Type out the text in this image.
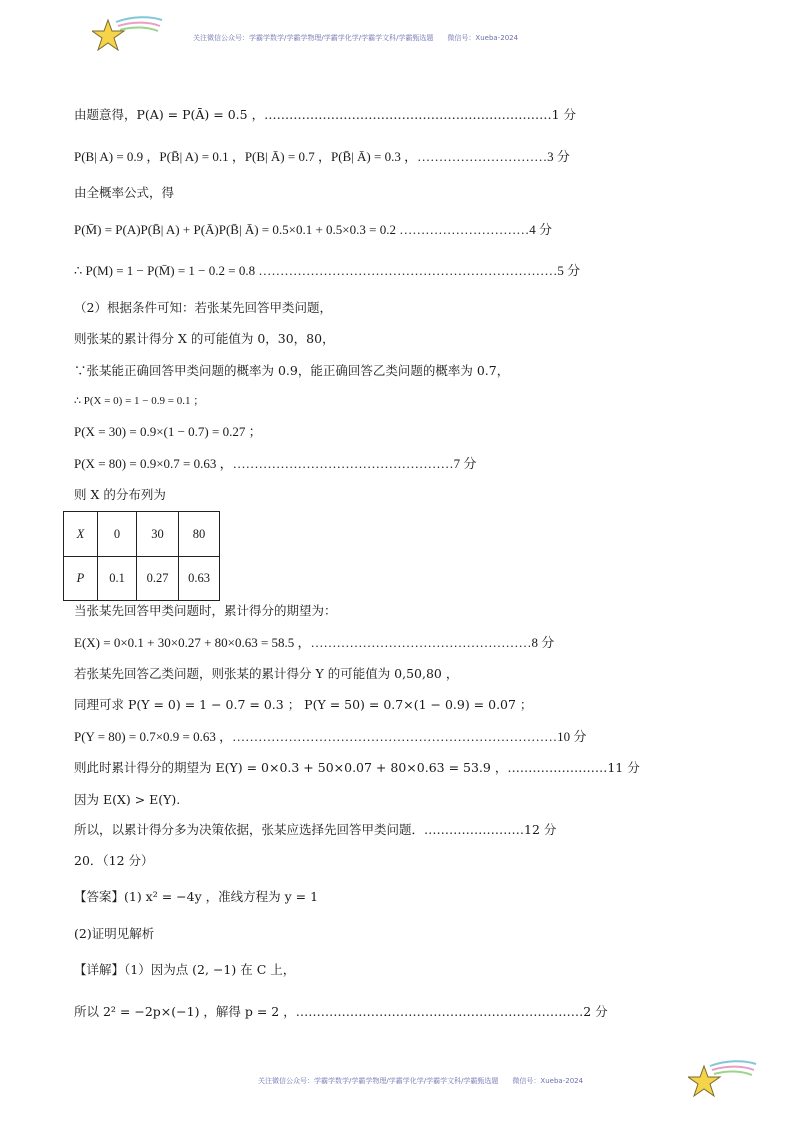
关注微信公众号：学霸学数学/学霸学物理/学霸学化学/学霸学文科/学霸甄选题 微信号：Xueba-2024
由题意得，P(A) = P(Ā) = 0.5 ，……………………………………………………………1 分
P(B| A) = 0.9 ，P(B̄| A) = 0.1 ，P(B| Ā) = 0.7 ，P(B̄| Ā) = 0.3 ，…………………………3 分
由全概率公式，得
P(M̄) = P(A)P(B̄| A) + P(Ā)P(B̄| Ā) = 0.5×0.1 + 0.5×0.3 = 0.2 …………………………4 分
∴ P(M) = 1 − P(M̄) = 1 − 0.2 = 0.8 ……………………………………………………………5 分
（2）根据条件可知：若张某先回答甲类问题，
则张某的累计得分 X 的可能值为 0，30，80，
∵张某能正确回答甲类问题的概率为 0.9，能正确回答乙类问题的概率为 0.7，
∴ P(X = 0) = 1 − 0.9 = 0.1 ；
P(X = 30) = 0.9×(1 − 0.7) = 0.27 ；
P(X = 80) = 0.9×0.7 = 0.63 ，……………………………………………7 分
则 X 的分布列为
X	0	30	80
P	0.1	0.27	0.63
当张某先回答甲类问题时，累计得分的期望为：
E(X) = 0×0.1 + 30×0.27 + 80×0.63 = 58.5 ，……………………………………………8 分
若张某先回答乙类问题，则张某的累计得分 Y 的可能值为 0,50,80 ，
同理可求 P(Y = 0) = 1 − 0.7 = 0.3 ； P(Y = 50) = 0.7×(1 − 0.9) = 0.07 ；
P(Y = 80) = 0.7×0.9 = 0.63 ，…………………………………………………………………10 分
则此时累计得分的期望为 E(Y) = 0×0.3 + 50×0.07 + 80×0.63 = 53.9 ，……………………11 分
因为 E(X) > E(Y).
所以，以累计得分多为决策依据，张某应选择先回答甲类问题．……………………12 分
20．（12 分）
【答案】(1) x² = −4y ，准线方程为 y = 1
(2)证明见解析
【详解】（1）因为点 (2, −1) 在 C 上，
所以 2² = −2p×(−1) ，解得 p = 2 ，……………………………………………………………2 分
关注微信公众号：学霸学数学/学霸学物理/学霸学化学/学霸学文科/学霸甄选题 微信号：Xueba-2024
